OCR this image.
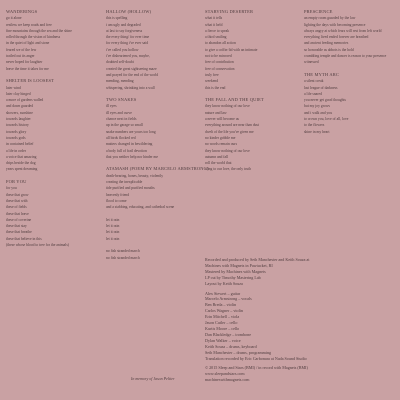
WANDERINGS
go it alone
restless we keep roads and free
fine mountains through the sea and the shine
rolled through the vision of kindness
in the quiet of light and stone
feared we of the few
trailed out its anger
never hoped for laughter
leave the time it takes for me
SHELTER IS LOOSEST
later wind
later clay hinged
a more of gardens walled
and dawn guarded
showers, sunshine
towards laughter
towards history
towards glory
towards gods
in contained belief
a life in order
a voice that amazing
drips beside the dog
years spent dreaming
FOR YOU
for you
these that grow
these that with
these of fields
these that leave
these of coverine
these that stay
these that breathe
these that believe in this
(these whose blood to tree for the animals)
HALLOW (HOLLOW)
this is spelling
i am ugly and degraded
at last to say forgiveness
the every thing/ for ever time
for every thing i've ever said
i've called you hollow
i've disheartened you, maybe,
doubted self-doubt
created the great sightseeing maze
and prayed for the end of the world
mending, mending
whispering, shrinking into a wall
TWO SNAKES
ill eyes
ill eyes and curve
chance next in fields
up in the garage so small
snake numbers are yours too long
all birds flocked red
matters changed in bewildering
a body full of frail devotion
that you neither help nor hinder me
ATAMASH (POEM BY MARCELO ARMSTRONG)
death-bearing, bones, beauty, violently
creating the inexplicable
tide purified and purified mouths
heavenly friend
flood to come
and a stabbing, educating, and cathedral scene
let it rain
let it rain
let it rain
let it rain
no fish stranded march
no fish stranded march
STARVING DESERTER
what it tells
what it held
a fierce to speak
a third smiling
to abandon all action
to give a coffin-lid with an intimate
not to be mirrored
free of contribution
free of conservation
truly free
weekend
this is the end
THE FALL AND THE QUIET
they know nothing of our love
nature and law
a never will become us
everything around are near than dust
dwelt of the life you've given me
no kinder gobble me
no words remain ours
they know nothing of our love
autumn and fall
roll the world that
cling to our love, the only truth
PRESCIENCE
an empty room guarded by the law
lighting the days with becoming presence
always angry at which fears will rest from left world
everything lived ended forever are breathed
and ancient feeding memories
so honorable as abbots is the hold
crumbling temple and dancer is reason to your presence
witnessed
THE MYTH ARC
a silent creak
last league of darkness
a life snared
you never get good thoughts
but my joy grows
and i walk and you
to crown you, love of all, love
to the flowers
shine in my heart
Recorded and produced by Seth Manchester and Keith Souza at
Machines with Magnets in Pawtucket, RI
Mastered by Machines with Magnets
LP cut by Timothy Mastering Lab
Layout by Keith Souza
Alex Siewert – guitar
Marcelo Armstrong – vocals
Ben Breda – violin
Carlos Wagner – violin
Erin Mitchell – viola
Jason Cutler – cello
Kurtis Moore – cello
Dan Blackledge – trombone
Dylan Walker – voice
Keith Souza – drums, keyboard
Seth Manchester – drums, programming
Translation recorded by Eric Carbonara at Nada Sound Studio
© 2015 Sleep and Stars (BMI) / in record with Magnets (BMI)
www.sleepandstars.com
machineswithmagnets.com
In memory of Jason Peltier
